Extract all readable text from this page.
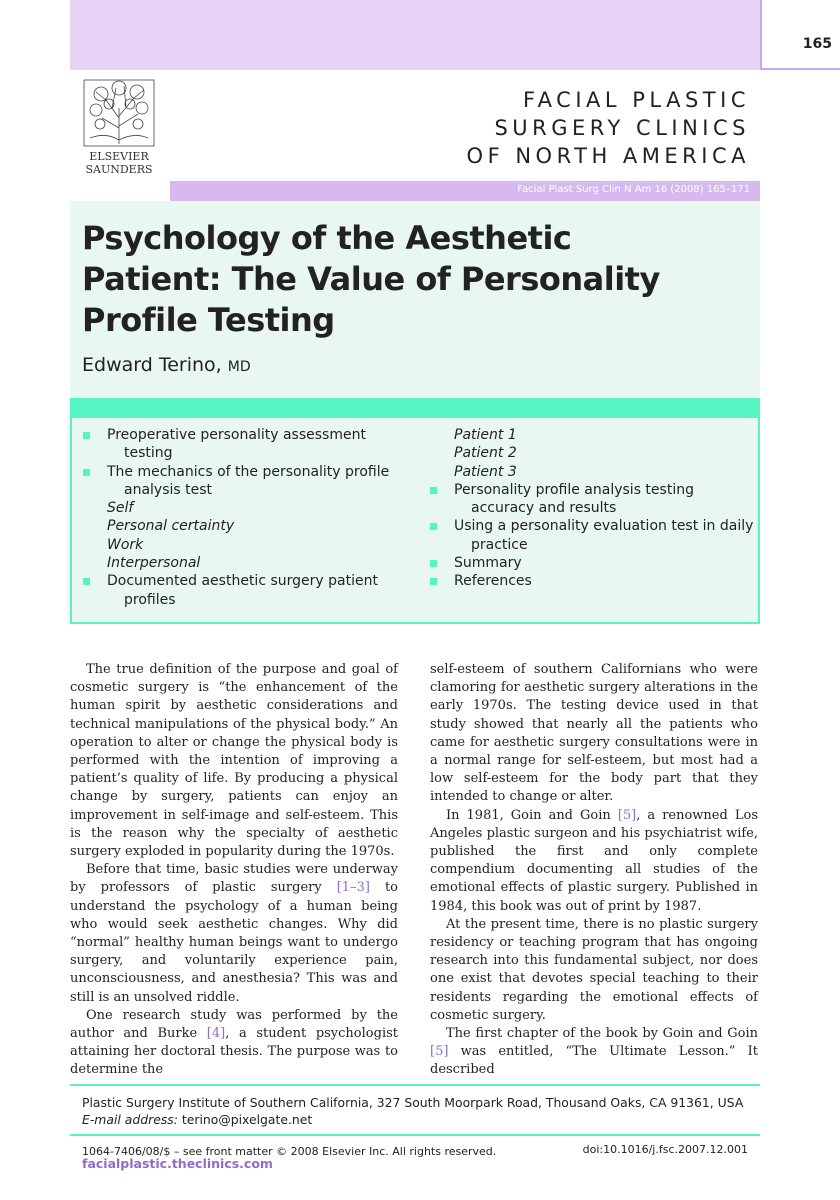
165
ELSEVIER
SAUNDERS
FACIAL PLASTIC
SURGERY CLINICS
OF NORTH AMERICA
Facial Plast Surg Clin N Am 16 (2008) 165–171
Psychology of the Aesthetic
Patient: The Value of Personality
Profile Testing
Edward Terino, MD
Preoperative personality assessment
testing
The mechanics of the personality profile
analysis test
Self
Personal certainty
Work
Interpersonal
Documented aesthetic surgery patient
profiles
Patient 1
Patient 2
Patient 3
Personality profile analysis testing
accuracy and results
Using a personality evaluation test in daily
practice
Summary
References

The true definition of the purpose and goal of cosmetic surgery is “the enhancement of the human spirit by aesthetic considerations and technical manipulations of the physical body.” An operation to alter or change the physical body is performed with the intention of improving a patient’s quality of life. By producing a physical change by surgery, patients can enjoy an improvement in self-image and self-esteem. This is the reason why the specialty of aesthetic surgery exploded in popularity during the 1970s.

Before that time, basic studies were underway by professors of plastic surgery [1–3] to understand the psychology of a human being who would seek aesthetic changes. Why did “normal” healthy human beings want to undergo surgery, and voluntarily experience pain, unconsciousness, and anesthesia? This was and still is an unsolved riddle.

One research study was performed by the author and Burke [4], a student psychologist attaining her doctoral thesis. The purpose was to determine the

self-esteem of southern Californians who were clamoring for aesthetic surgery alterations in the early 1970s. The testing device used in that study showed that nearly all the patients who came for aesthetic surgery consultations were in a normal range for self-esteem, but most had a low self-esteem for the body part that they intended to change or alter.

In 1981, Goin and Goin [5], a renowned Los Angeles plastic surgeon and his psychiatrist wife, published the first and only complete compendium documenting all studies of the emotional effects of plastic surgery. Published in 1984, this book was out of print by 1987.

At the present time, there is no plastic surgery residency or teaching program that has ongoing research into this fundamental subject, nor does one exist that devotes special teaching to their residents regarding the emotional effects of cosmetic surgery.

The first chapter of the book by Goin and Goin [5] was entitled, “The Ultimate Lesson.” It described

Plastic Surgery Institute of Southern California, 327 South Moorpark Road, Thousand Oaks, CA 91361, USA
E-mail address: terino@pixelgate.net
1064-7406/08/$ – see front matter © 2008 Elsevier Inc. All rights reserved.
facialplastic.theclinics.com
doi:10.1016/j.fsc.2007.12.001
